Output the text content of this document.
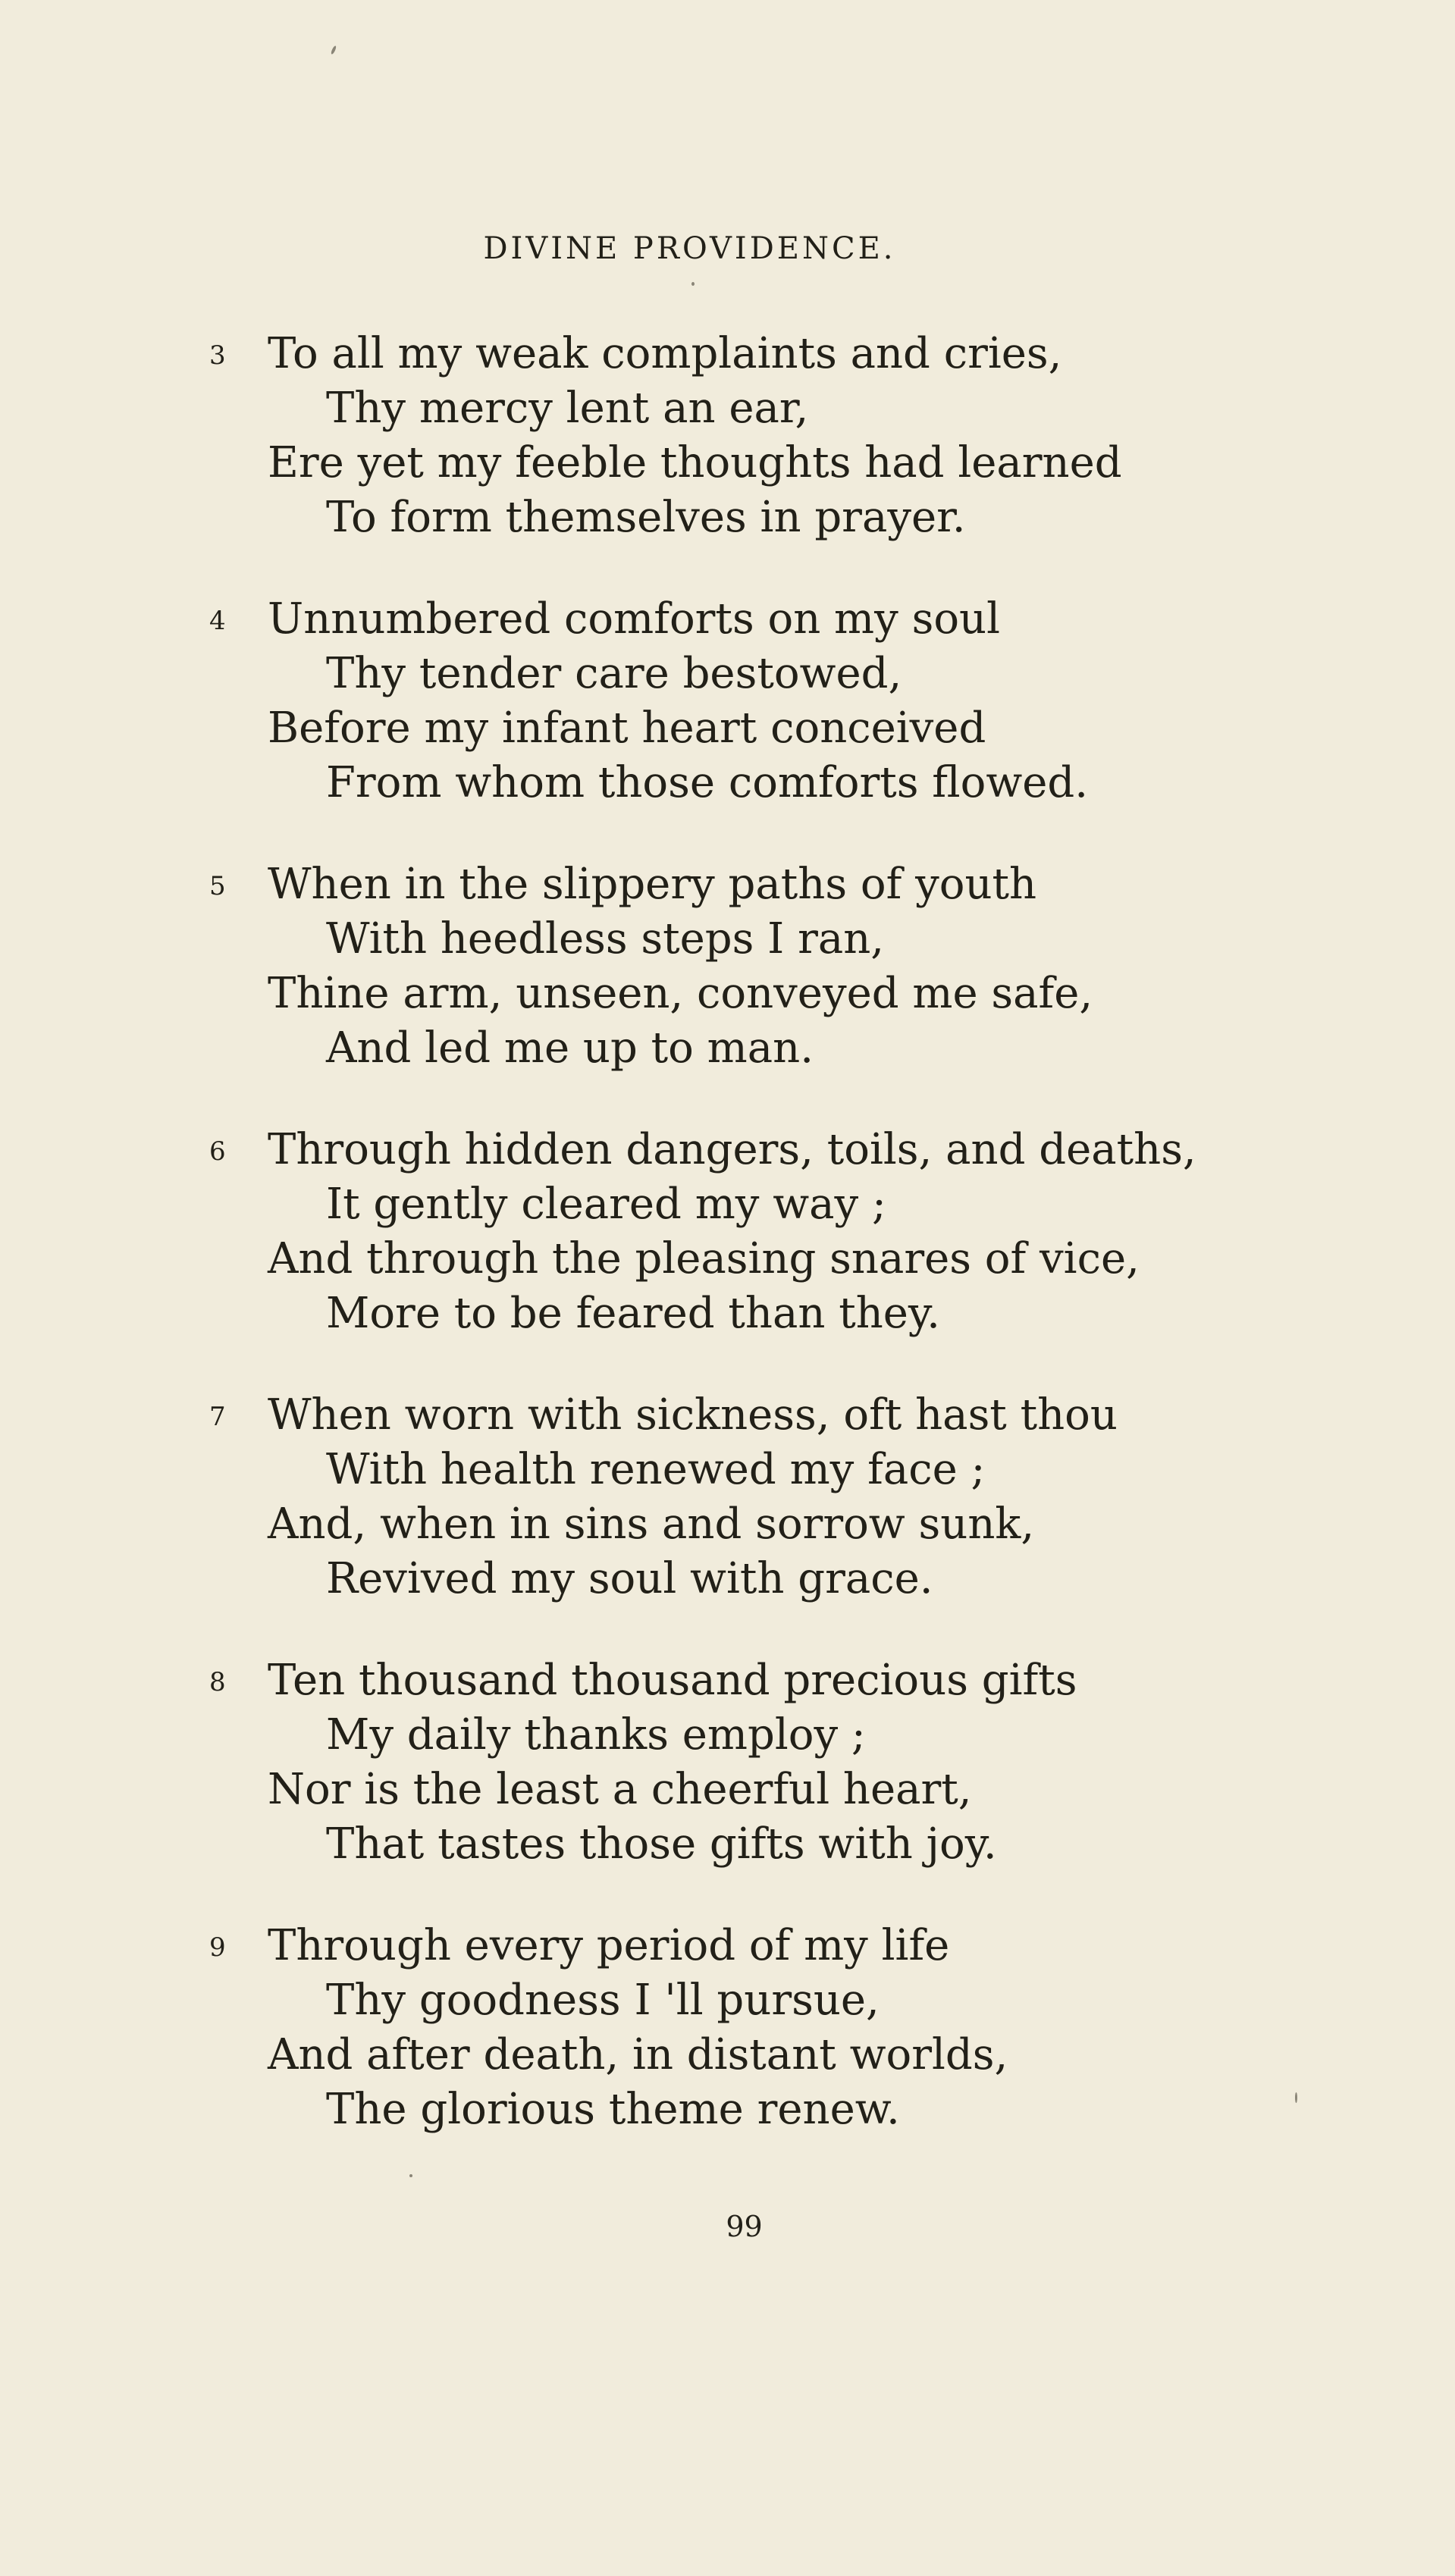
DIVINE PROVIDENCE.
3 To all my weak complaints and cries,
Thy mercy lent an ear,
Ere yet my feeble thoughts had learned
To form themselves in prayer.
4 Unnumbered comforts on my soul
Thy tender care bestowed,
Before my infant heart conceived
From whom those comforts flowed.
5 When in the slippery paths of youth
With heedless steps I ran,
Thine arm, unseen, conveyed me safe,
And led me up to man.
6 Through hidden dangers, toils, and deaths,
It gently cleared my way ;
And through the pleasing snares of vice,
More to be feared than they.
7 When worn with sickness, oft hast thou
With health renewed my face ;
And, when in sins and sorrow sunk,
Revived my soul with grace.
8 Ten thousand thousand precious gifts
My daily thanks employ ;
Nor is the least a cheerful heart,
That tastes those gifts with joy.
9 Through every period of my life
Thy goodness I 'll pursue,
And after death, in distant worlds,
The glorious theme renew.
99
